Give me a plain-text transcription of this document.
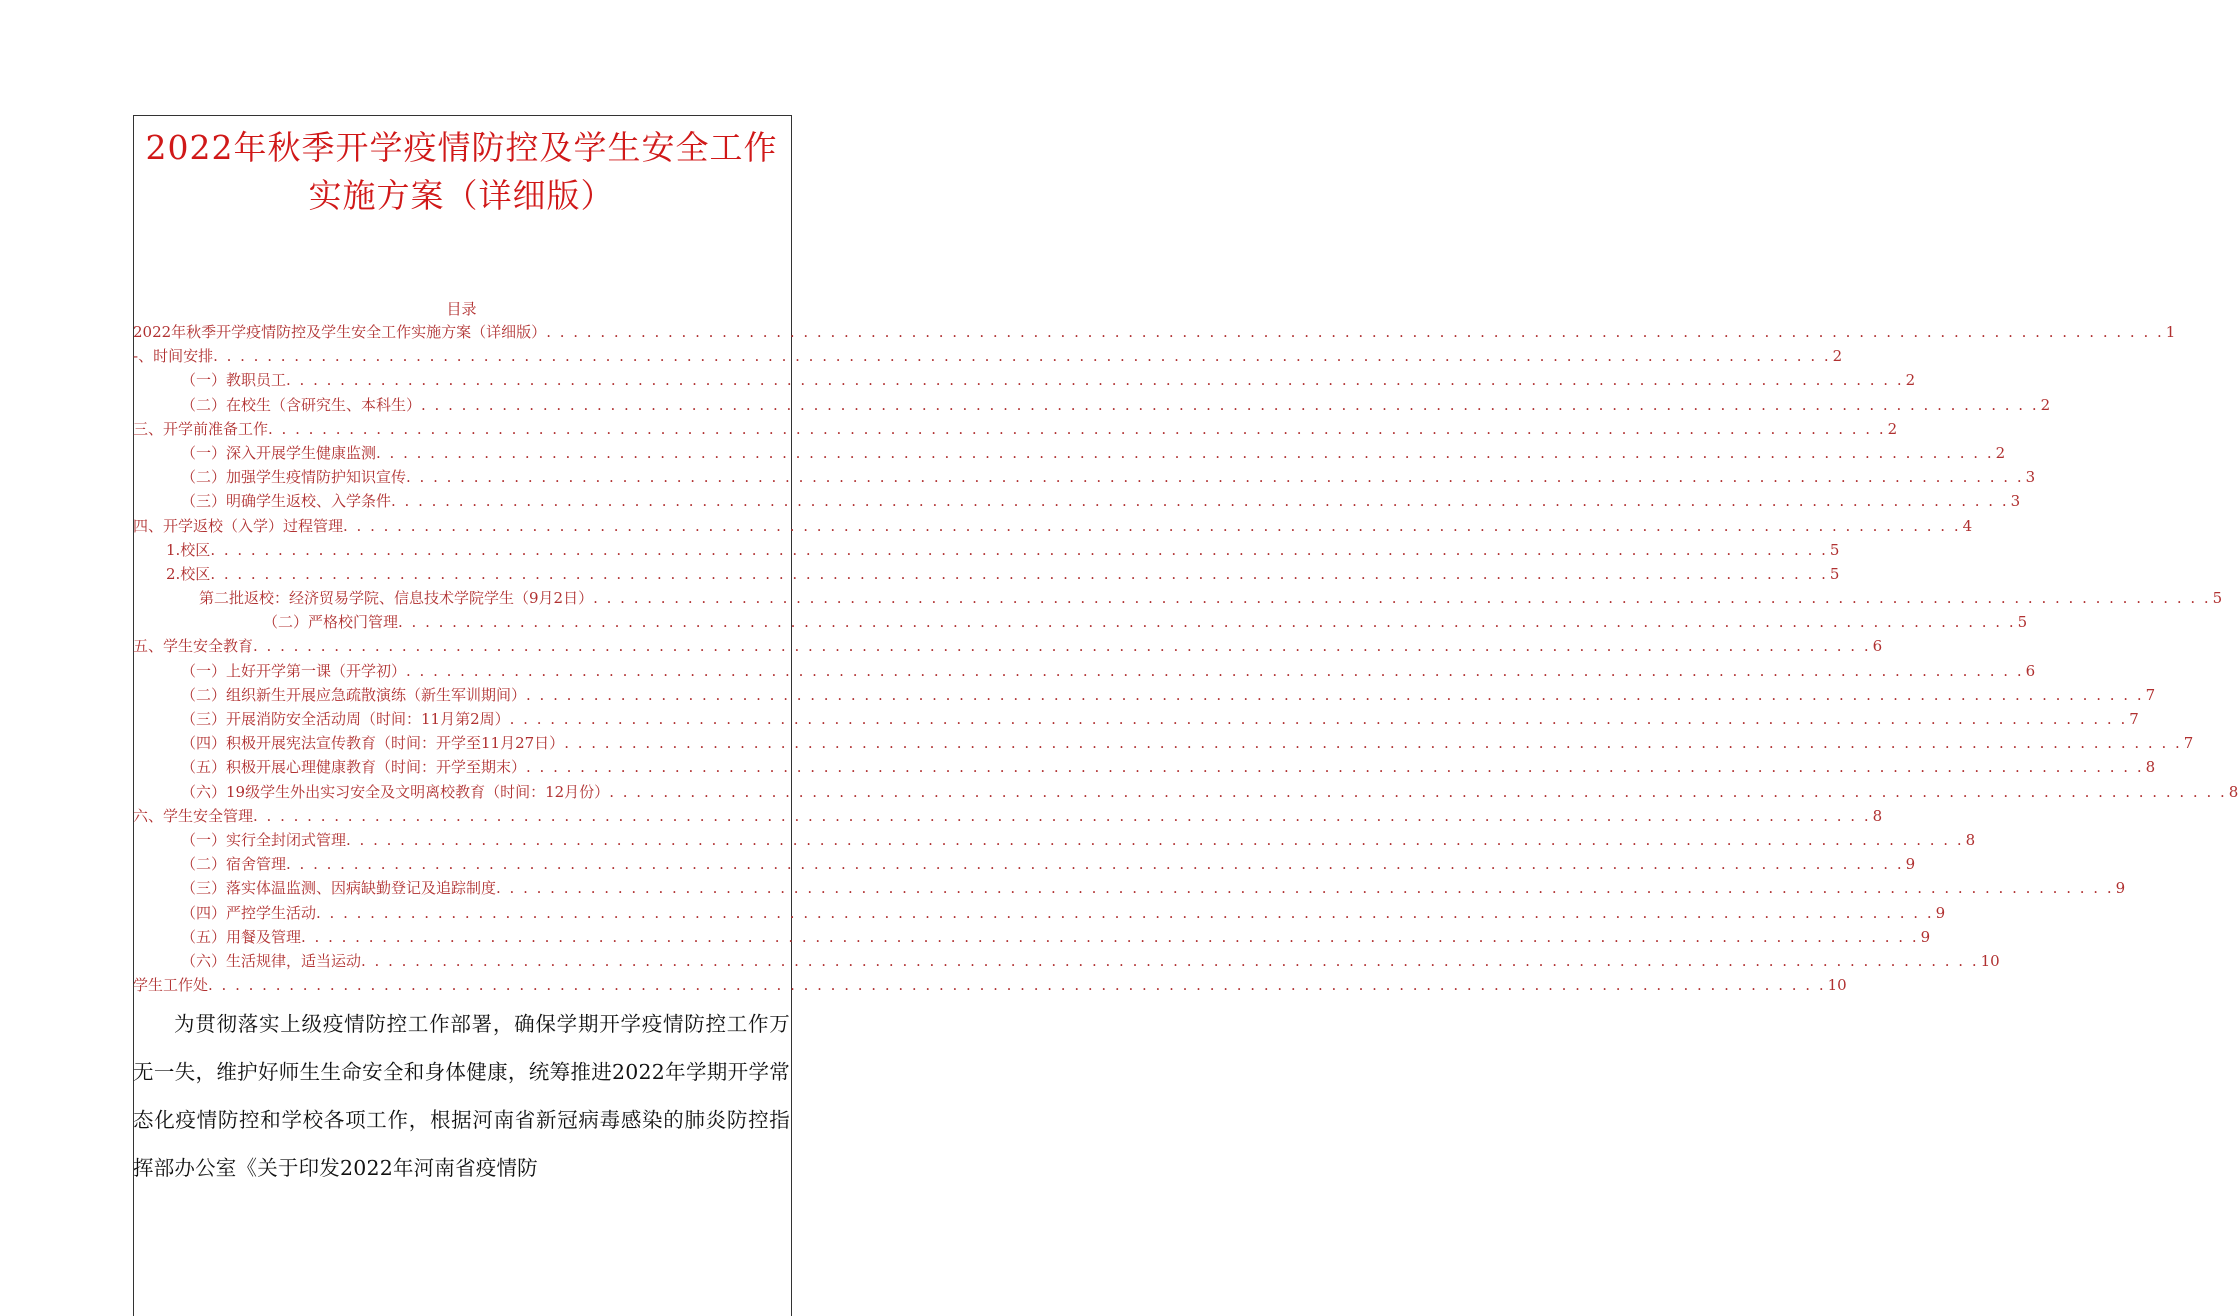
2022年秋季开学疫情防控及学生安全工作
实施方案（详细版）
目录
2022年秋季开学疫情防控及学生安全工作实施方案（详细版） . . . . . . . . . . . . . . . . . . . . . . . . . . . . . . . . . . . . . . . . . . . . . . . . . . . . . . . . . . . . . . . . . . . . . . . . . . . . . . . . . . . . . . . . . . . . . . . . . . . . . . . . . . . . . . . . . . . . . . . . 1
-、时间安排 . . . . . . . . . . . . . . . . . . . . . . . . . . . . . . . . . . . . . . . . . . . . . . . . . . . . . . . . . . . . . . . . . . . . . . . . . . . . . . . . . . . . . . . . . . . . . . . . . . . . . . . . . . . . . . . . . . . . . . . . 2
（一）教职员工 . . . . . . . . . . . . . . . . . . . . . . . . . . . . . . . . . . . . . . . . . . . . . . . . . . . . . . . . . . . . . . . . . . . . . . . . . . . . . . . . . . . . . . . . . . . . . . . . . . . . . . . . . . . . . . . . . . . . . . . . 2
（二）在校生（含研究生、本科生） . . . . . . . . . . . . . . . . . . . . . . . . . . . . . . . . . . . . . . . . . . . . . . . . . . . . . . . . . . . . . . . . . . . . . . . . . . . . . . . . . . . . . . . . . . . . . . . . . . . . . . . . . . . . . . . . . . . . . . . . 2
三、开学前准备工作 . . . . . . . . . . . . . . . . . . . . . . . . . . . . . . . . . . . . . . . . . . . . . . . . . . . . . . . . . . . . . . . . . . . . . . . . . . . . . . . . . . . . . . . . . . . . . . . . . . . . . . . . . . . . . . . . . . . . . . . . 2
（一）深入开展学生健康监测 . . . . . . . . . . . . . . . . . . . . . . . . . . . . . . . . . . . . . . . . . . . . . . . . . . . . . . . . . . . . . . . . . . . . . . . . . . . . . . . . . . . . . . . . . . . . . . . . . . . . . . . . . . . . . . . . . . . . . . . . 2
（二）加强学生疫情防护知识宣传 . . . . . . . . . . . . . . . . . . . . . . . . . . . . . . . . . . . . . . . . . . . . . . . . . . . . . . . . . . . . . . . . . . . . . . . . . . . . . . . . . . . . . . . . . . . . . . . . . . . . . . . . . . . . . . . . . . . . . . . . 3
（三）明确学生返校、入学条件 . . . . . . . . . . . . . . . . . . . . . . . . . . . . . . . . . . . . . . . . . . . . . . . . . . . . . . . . . . . . . . . . . . . . . . . . . . . . . . . . . . . . . . . . . . . . . . . . . . . . . . . . . . . . . . . . . . . . . . . . 3
四、开学返校（入学）过程管理 . . . . . . . . . . . . . . . . . . . . . . . . . . . . . . . . . . . . . . . . . . . . . . . . . . . . . . . . . . . . . . . . . . . . . . . . . . . . . . . . . . . . . . . . . . . . . . . . . . . . . . . . . . . . . . . . . . . . . . . . 4
1.校区 . . . . . . . . . . . . . . . . . . . . . . . . . . . . . . . . . . . . . . . . . . . . . . . . . . . . . . . . . . . . . . . . . . . . . . . . . . . . . . . . . . . . . . . . . . . . . . . . . . . . . . . . . . . . . . . . . . . . . . . . 5
2.校区 . . . . . . . . . . . . . . . . . . . . . . . . . . . . . . . . . . . . . . . . . . . . . . . . . . . . . . . . . . . . . . . . . . . . . . . . . . . . . . . . . . . . . . . . . . . . . . . . . . . . . . . . . . . . . . . . . . . . . . . . 5
第二批返校：经济贸易学院、信息技术学院学生（9月2日） . . . . . . . . . . . . . . . . . . . . . . . . . . . . . . . . . . . . . . . . . . . . . . . . . . . . . . . . . . . . . . . . . . . . . . . . . . . . . . . . . . . . . . . . . . . . . . . . . . . . . . . . . . . . . . . . . . . . . . . . 5
（二）严格校门管理 . . . . . . . . . . . . . . . . . . . . . . . . . . . . . . . . . . . . . . . . . . . . . . . . . . . . . . . . . . . . . . . . . . . . . . . . . . . . . . . . . . . . . . . . . . . . . . . . . . . . . . . . . . . . . . . . . . . . . . . . 5
五、学生安全教育 . . . . . . . . . . . . . . . . . . . . . . . . . . . . . . . . . . . . . . . . . . . . . . . . . . . . . . . . . . . . . . . . . . . . . . . . . . . . . . . . . . . . . . . . . . . . . . . . . . . . . . . . . . . . . . . . . . . . . . . . 6
（一）上好开学第一课（开学初） . . . . . . . . . . . . . . . . . . . . . . . . . . . . . . . . . . . . . . . . . . . . . . . . . . . . . . . . . . . . . . . . . . . . . . . . . . . . . . . . . . . . . . . . . . . . . . . . . . . . . . . . . . . . . . . . . . . . . . . . 6
（二）组织新生开展应急疏散演练（新生军训期间） . . . . . . . . . . . . . . . . . . . . . . . . . . . . . . . . . . . . . . . . . . . . . . . . . . . . . . . . . . . . . . . . . . . . . . . . . . . . . . . . . . . . . . . . . . . . . . . . . . . . . . . . . . . . . . . . . . . . . . . . 7
（三）开展消防安全活动周（时间：11月第2周） . . . . . . . . . . . . . . . . . . . . . . . . . . . . . . . . . . . . . . . . . . . . . . . . . . . . . . . . . . . . . . . . . . . . . . . . . . . . . . . . . . . . . . . . . . . . . . . . . . . . . . . . . . . . . . . . . . . . . . . . 7
（四）积极开展宪法宣传教育（时间：开学至11月27日） . . . . . . . . . . . . . . . . . . . . . . . . . . . . . . . . . . . . . . . . . . . . . . . . . . . . . . . . . . . . . . . . . . . . . . . . . . . . . . . . . . . . . . . . . . . . . . . . . . . . . . . . . . . . . . . . . . . . . . . . 7
（五）积极开展心理健康教育（时间：开学至期末） . . . . . . . . . . . . . . . . . . . . . . . . . . . . . . . . . . . . . . . . . . . . . . . . . . . . . . . . . . . . . . . . . . . . . . . . . . . . . . . . . . . . . . . . . . . . . . . . . . . . . . . . . . . . . . . . . . . . . . . . 8
（六）19级学生外出实习安全及文明离校教育（时间：12月份） . . . . . . . . . . . . . . . . . . . . . . . . . . . . . . . . . . . . . . . . . . . . . . . . . . . . . . . . . . . . . . . . . . . . . . . . . . . . . . . . . . . . . . . . . . . . . . . . . . . . . . . . . . . . . . . . . . . . . . . . 8
六、学生安全管理 . . . . . . . . . . . . . . . . . . . . . . . . . . . . . . . . . . . . . . . . . . . . . . . . . . . . . . . . . . . . . . . . . . . . . . . . . . . . . . . . . . . . . . . . . . . . . . . . . . . . . . . . . . . . . . . . . . . . . . . . 8
（一）实行全封闭式管理 . . . . . . . . . . . . . . . . . . . . . . . . . . . . . . . . . . . . . . . . . . . . . . . . . . . . . . . . . . . . . . . . . . . . . . . . . . . . . . . . . . . . . . . . . . . . . . . . . . . . . . . . . . . . . . . . . . . . . . . . 8
（二）宿舍管理 . . . . . . . . . . . . . . . . . . . . . . . . . . . . . . . . . . . . . . . . . . . . . . . . . . . . . . . . . . . . . . . . . . . . . . . . . . . . . . . . . . . . . . . . . . . . . . . . . . . . . . . . . . . . . . . . . . . . . . . . 9
（三）落实体温监测、因病缺勤登记及追踪制度 . . . . . . . . . . . . . . . . . . . . . . . . . . . . . . . . . . . . . . . . . . . . . . . . . . . . . . . . . . . . . . . . . . . . . . . . . . . . . . . . . . . . . . . . . . . . . . . . . . . . . . . . . . . . . . . . . . . . . . . . 9
（四）严控学生活动 . . . . . . . . . . . . . . . . . . . . . . . . . . . . . . . . . . . . . . . . . . . . . . . . . . . . . . . . . . . . . . . . . . . . . . . . . . . . . . . . . . . . . . . . . . . . . . . . . . . . . . . . . . . . . . . . . . . . . . . . 9
（五）用餐及管理 . . . . . . . . . . . . . . . . . . . . . . . . . . . . . . . . . . . . . . . . . . . . . . . . . . . . . . . . . . . . . . . . . . . . . . . . . . . . . . . . . . . . . . . . . . . . . . . . . . . . . . . . . . . . . . . . . . . . . . . . 9
（六）生活规律，适当运动 . . . . . . . . . . . . . . . . . . . . . . . . . . . . . . . . . . . . . . . . . . . . . . . . . . . . . . . . . . . . . . . . . . . . . . . . . . . . . . . . . . . . . . . . . . . . . . . . . . . . . . . . . . . . . . . . . . . . . . . . 10
学生工作处 . . . . . . . . . . . . . . . . . . . . . . . . . . . . . . . . . . . . . . . . . . . . . . . . . . . . . . . . . . . . . . . . . . . . . . . . . . . . . . . . . . . . . . . . . . . . . . . . . . . . . . . . . . . . . . . . . . . . . . . . 10
为贯彻落实上级疫情防控工作部署，确保学期开学疫情防控工作万无一失，维护好师生生命安全和身体健康，统筹推进2022年学期开学常态化疫情防控和学校各项工作，根据河南省新冠病毒感染的肺炎防控指挥部办公室《关于印发2022年河南省疫情防
